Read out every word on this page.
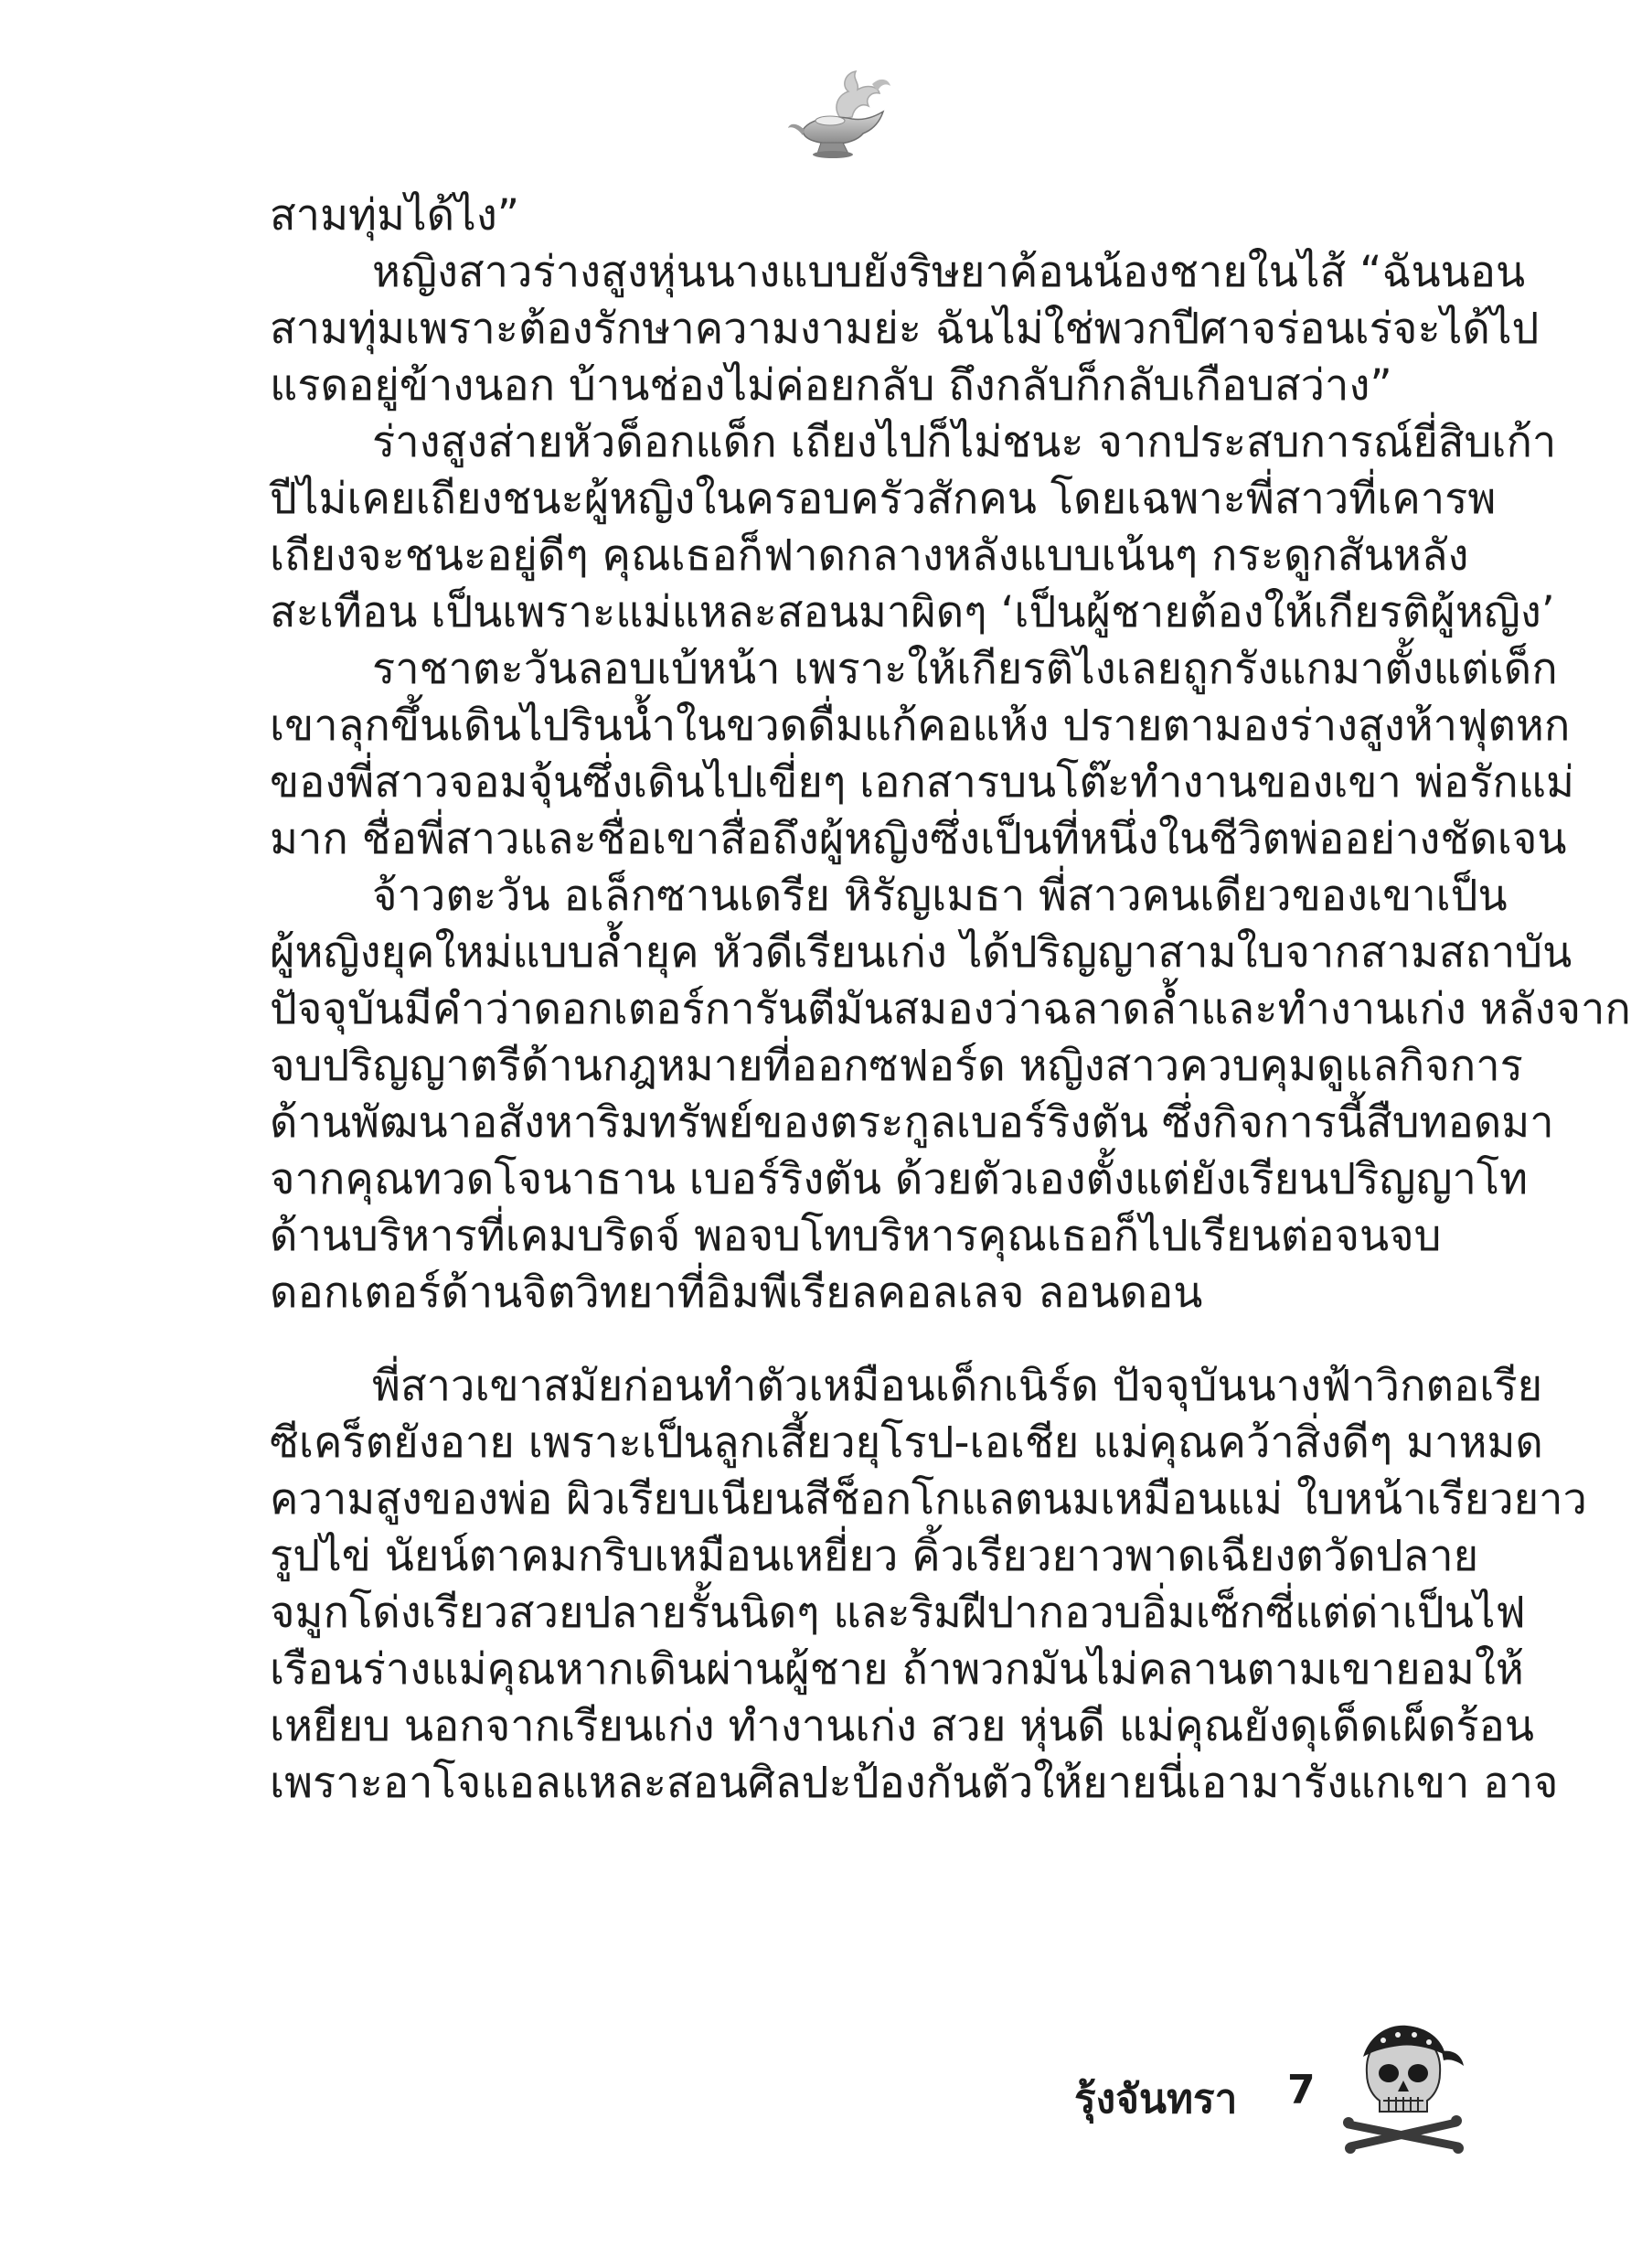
สามทุ่มได้ไง”
หญิงสาวร่างสูงหุ่นนางแบบยังริษยาค้อนน้องชายในไส้ “ฉันนอน
สามทุ่มเพราะต้องรักษาความงามย่ะ ฉันไม่ใช่พวกปีศาจร่อนเร่จะได้ไป
แรดอยู่ข้างนอก บ้านช่องไม่ค่อยกลับ ถึงกลับก็กลับเกือบสว่าง”
ร่างสูงส่ายหัวด็อกแด็ก เถียงไปก็ไม่ชนะ จากประสบการณ์ยี่สิบเก้า
ปีไม่เคยเถียงชนะผู้หญิงในครอบครัวสักคน โดยเฉพาะพี่สาวที่เคารพ
เถียงจะชนะอยู่ดีๆ คุณเธอก็ฟาดกลางหลังแบบเน้นๆ กระดูกสันหลัง
สะเทือน เป็นเพราะแม่แหละสอนมาผิดๆ ‘เป็นผู้ชายต้องให้เกียรติผู้หญิง’
ราชาตะวันลอบเบ้หน้า เพราะให้เกียรติไงเลยถูกรังแกมาตั้งแต่เด็ก
เขาลุกขึ้นเดินไปรินน้ำในขวดดื่มแก้คอแห้ง ปรายตามองร่างสูงห้าฟุตหก
ของพี่สาวจอมจุ้นซึ่งเดินไปเขี่ยๆ เอกสารบนโต๊ะทำงานของเขา พ่อรักแม่
มาก ชื่อพี่สาวและชื่อเขาสื่อถึงผู้หญิงซึ่งเป็นที่หนึ่งในชีวิตพ่ออย่างชัดเจน
จ้าวตะวัน อเล็กซานเดรีย หิรัญเมธา พี่สาวคนเดียวของเขาเป็น
ผู้หญิงยุคใหม่แบบล้ำยุค หัวดีเรียนเก่ง ได้ปริญญาสามใบจากสามสถาบัน
ปัจจุบันมีคำว่าดอกเตอร์การันตีมันสมองว่าฉลาดล้ำและทำงานเก่ง หลังจาก
จบปริญญาตรีด้านกฎหมายที่ออกซฟอร์ด หญิงสาวควบคุมดูแลกิจการ
ด้านพัฒนาอสังหาริมทรัพย์ของตระกูลเบอร์ริงตัน ซึ่งกิจการนี้สืบทอดมา
จากคุณทวดโจนาธาน เบอร์ริงตัน ด้วยตัวเองตั้งแต่ยังเรียนปริญญาโท
ด้านบริหารที่เคมบริดจ์ พอจบโทบริหารคุณเธอก็ไปเรียนต่อจนจบ
ดอกเตอร์ด้านจิตวิทยาที่อิมพีเรียลคอลเลจ ลอนดอน
พี่สาวเขาสมัยก่อนทำตัวเหมือนเด็กเนิร์ด ปัจจุบันนางฟ้าวิกตอเรีย
ซีเคร็ตยังอาย เพราะเป็นลูกเสี้ยวยุโรป-เอเชีย แม่คุณคว้าสิ่งดีๆ มาหมด
ความสูงของพ่อ ผิวเรียบเนียนสีช็อกโกแลตนมเหมือนแม่ ใบหน้าเรียวยาว
รูปไข่ นัยน์ตาคมกริบเหมือนเหยี่ยว คิ้วเรียวยาวพาดเฉียงตวัดปลาย
จมูกโด่งเรียวสวยปลายรั้นนิดๆ และริมฝีปากอวบอิ่มเซ็กซี่แต่ด่าเป็นไฟ
เรือนร่างแม่คุณหากเดินผ่านผู้ชาย ถ้าพวกมันไม่คลานตามเขายอมให้
เหยียบ นอกจากเรียนเก่ง ทำงานเก่ง สวย หุ่นดี แม่คุณยังดุเด็ดเผ็ดร้อน
เพราะอาโจแอลแหละสอนศิลปะป้องกันตัวให้ยายนี่เอามารังแกเขา อาจ
รุ้งจันทรา 7
